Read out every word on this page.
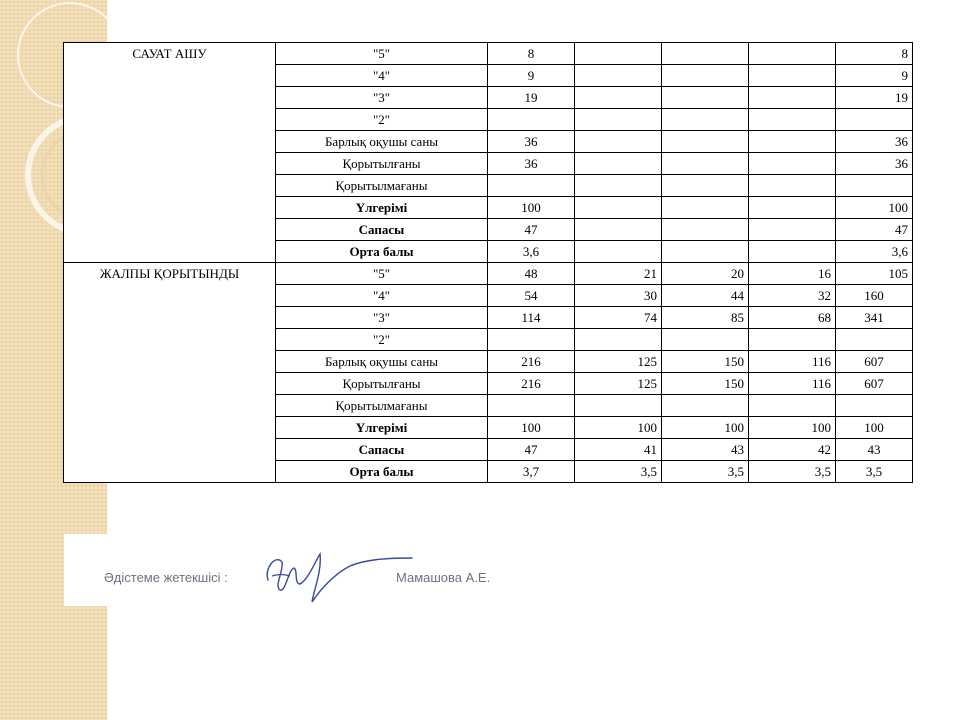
САУАТ АШУ	"5"	8				8
	"4"	9				9
	"3"	19				19
	"2"					
	Барлық оқушы саны	36				36
	Қорытылғаны	36				36
	Қорытылмағаны					
	Үлгерімі	100				100
	Сапасы	47				47
	Орта балы	3,6				3,6
ЖАЛПЫ ҚОРЫТЫНДЫ	"5"	48	21	20	16	105
	"4"	54	30	44	32	160
	"3"	114	74	85	68	341
	"2"					
	Барлық оқушы саны	216	125	150	116	607
	Қорытылғаны	216	125	150	116	607
	Қорытылмағаны					
	Үлгерімі	100	100	100	100	100
	Сапасы	47	41	43	42	43
	Орта балы	3,7	3,5	3,5	3,5	3,5
Әдістеме жетекшісі :	Мамашова А.Е.
